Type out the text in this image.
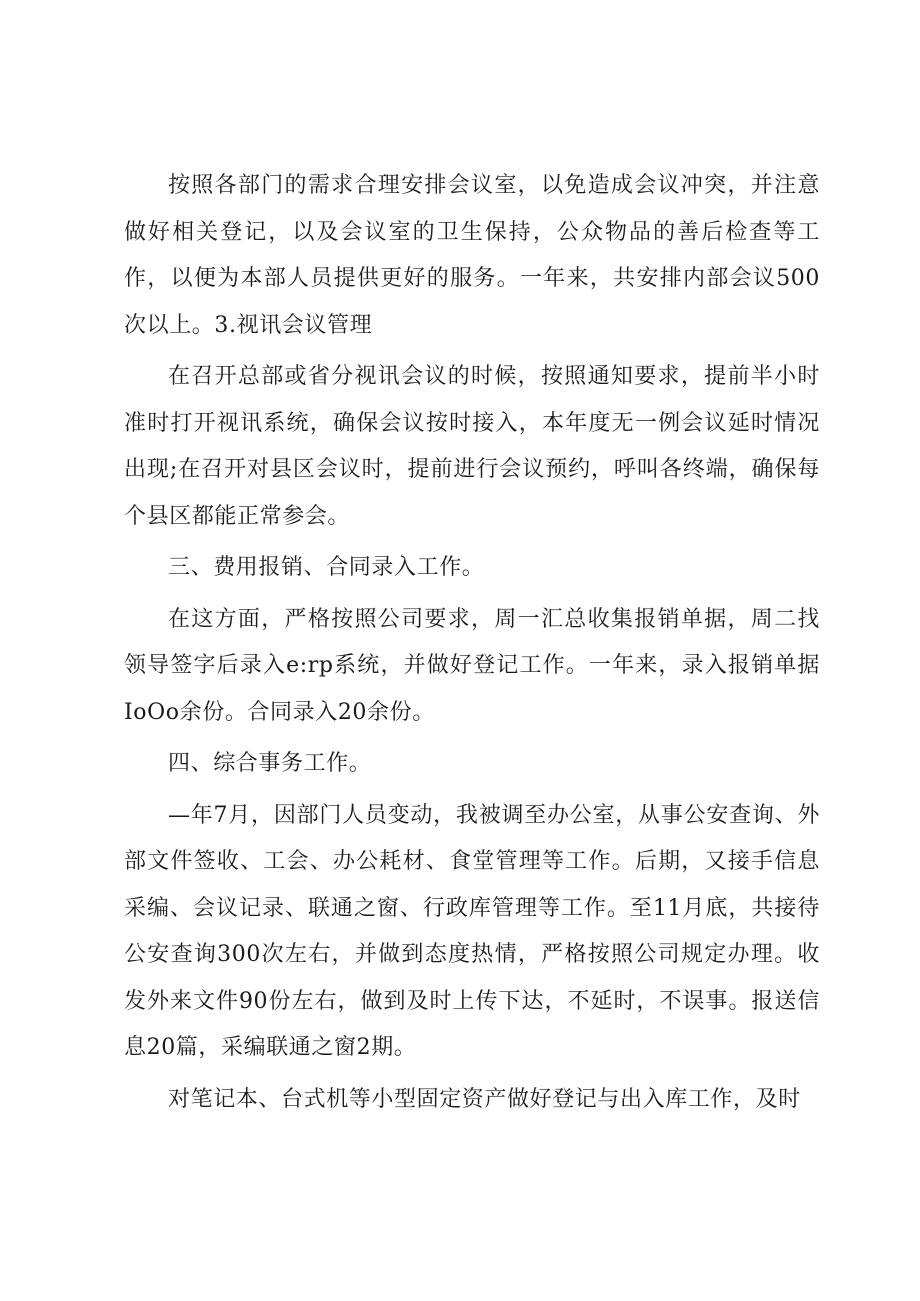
按照各部门的需求合理安排会议室，以免造成会议冲突，并注意做好相关登记，以及会议室的卫生保持，公众物品的善后检查等工作，以便为本部人员提供更好的服务。一年来，共安排内部会议500次以上。3.视讯会议管理

在召开总部或省分视讯会议的时候，按照通知要求，提前半小时准时打开视讯系统，确保会议按时接入，本年度无一例会议延时情况出现;在召开对县区会议时，提前进行会议预约，呼叫各终端，确保每个县区都能正常参会。

三、费用报销、合同录入工作。

在这方面，严格按照公司要求，周一汇总收集报销单据，周二找领导签字后录入e:rp系统，并做好登记工作。一年来，录入报销单据IoOo余份。合同录入20余份。

四、综合事务工作。

—年7月，因部门人员变动，我被调至办公室，从事公安查询、外部文件签收、工会、办公耗材、食堂管理等工作。后期，又接手信息采编、会议记录、联通之窗、行政库管理等工作。至11月底，共接待公安查询300次左右，并做到态度热情，严格按照公司规定办理。收发外来文件90份左右，做到及时上传下达，不延时，不误事。报送信息20篇，采编联通之窗2期。

对笔记本、台式机等小型固定资产做好登记与出入库工作，及时
